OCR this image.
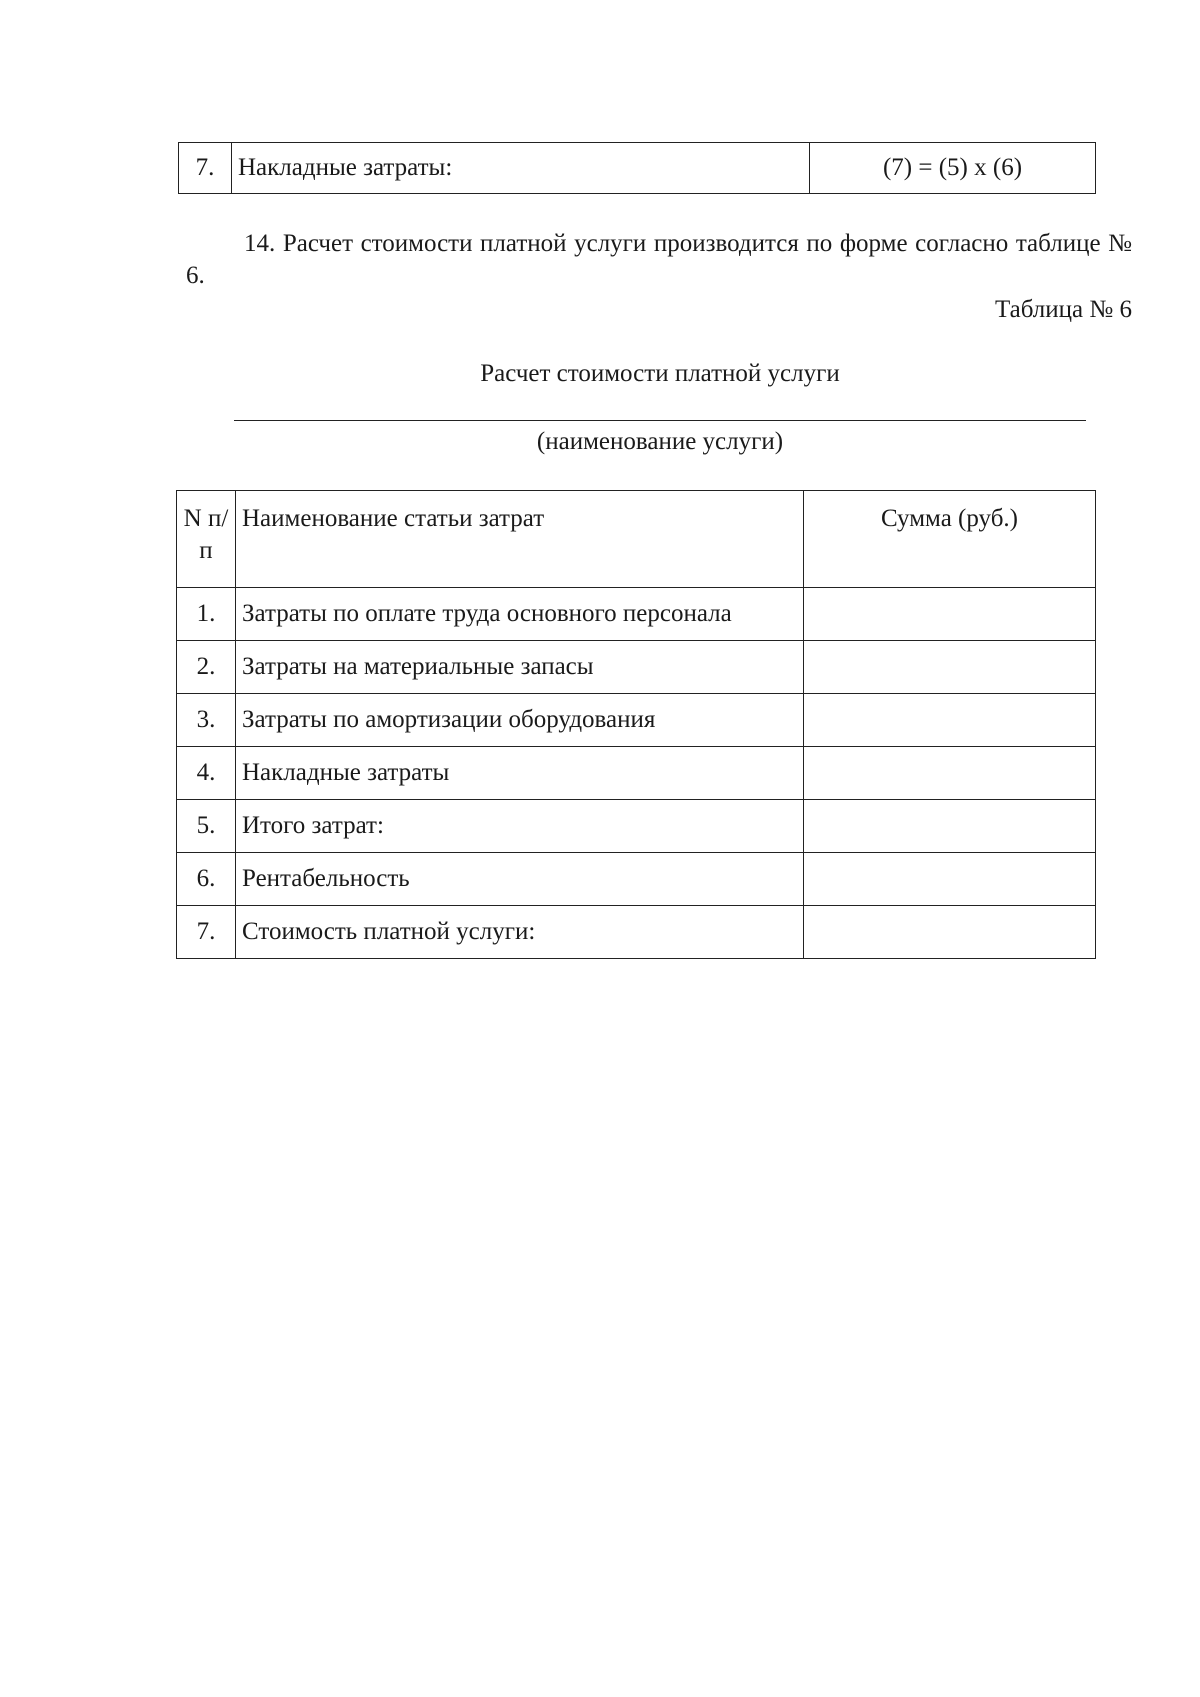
7.	Накладные затраты:	(7) = (5) x (6)

14. Расчет стоимости платной услуги производится по форме согласно таблице № 6.

Таблица № 6

Расчет стоимости платной услуги

(наименование услуги)

N п/п	Наименование статьи затрат	Сумма (руб.)
1.	Затраты по оплате труда основного персонала	
2.	Затраты на материальные запасы	
3.	Затраты по амортизации оборудования	
4.	Накладные затраты	
5.	Итого затрат:	
6.	Рентабельность	
7.	Стоимость платной услуги:	
